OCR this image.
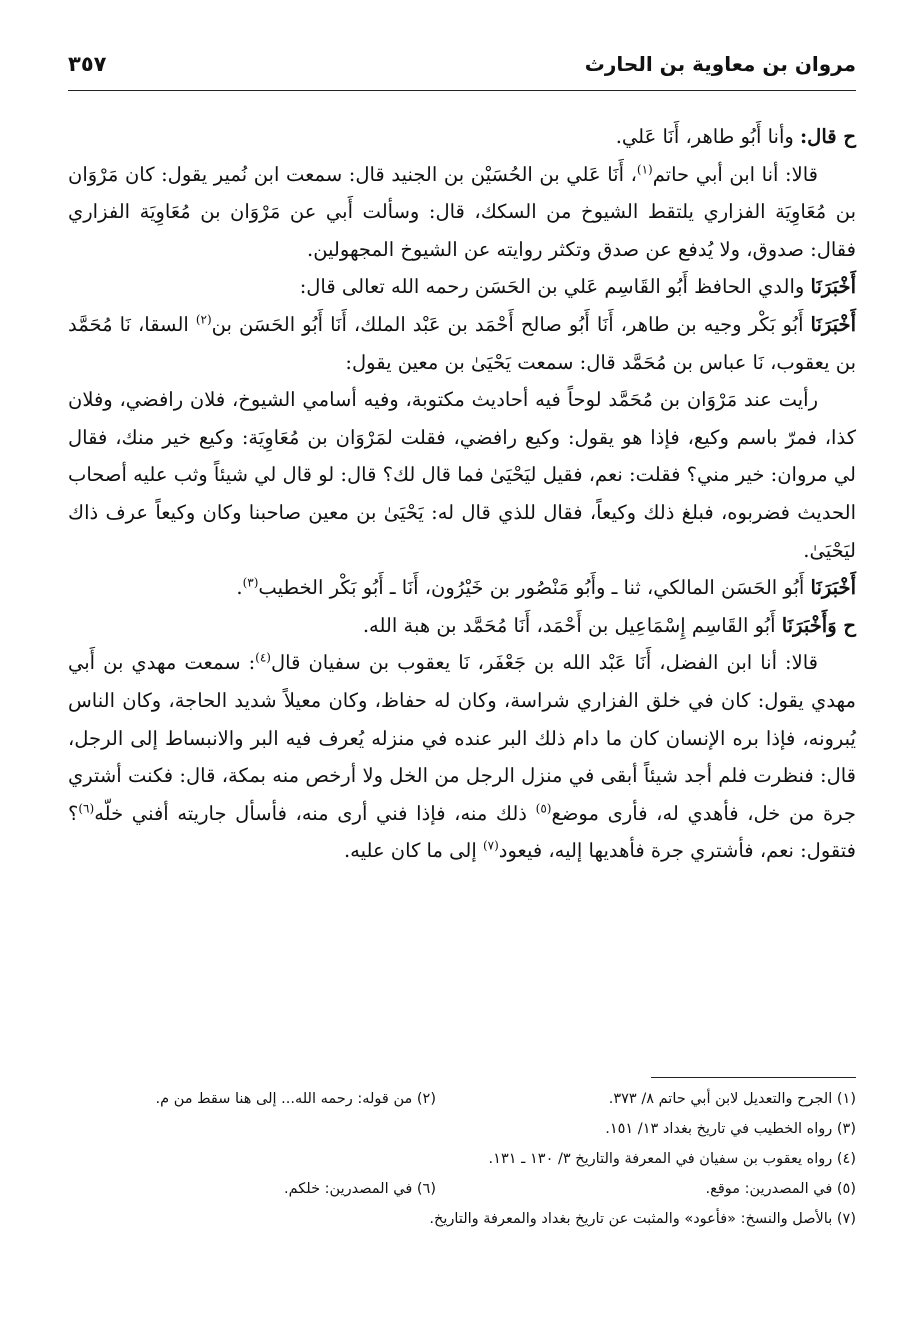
مروان بن معاوية بن الحارث
٣٥٧

ح قال: وأنا أَبُو طاهر، أَنَا عَلي.

قالا: أنا ابن أبي حاتم$^{(١)}$، أَنَا عَلي بن الحُسَيْن بن الجنيد قال: سمعت ابن نُمير يقول: كان مَرْوَان بن مُعَاوِيَة الفزاري يلتقط الشيوخ من السكك، قال: وسألت أَبي عن مَرْوَان بن مُعَاوِيَة الفزاري فقال: صدوق، ولا يُدفع عن صدق وتكثر روايته عن الشيوخ المجهولين.

أَخْبَرَنَا والدي الحافظ أَبُو القَاسِم عَلي بن الحَسَن رحمه الله تعالى قال:

أَخْبَرَنَا أَبُو بَكْر وجيه بن طاهر، أَنَا أَبُو صالح أَحْمَد بن عَبْد الملك، أَنَا أَبُو الحَسَن بن$^{(٢)}$ السقا، نَا مُحَمَّد بن يعقوب، نَا عباس بن مُحَمَّد قال: سمعت يَحْيَىٰ بن معين يقول:

رأيت عند مَرْوَان بن مُحَمَّد لوحاً فيه أحاديث مكتوبة، وفيه أسامي الشيوخ، فلان رافضي، وفلان كذا، فمرّ باسم وكيع، فإذا هو يقول: وكيع رافضي، فقلت لمَرْوَان بن مُعَاوِيَة: وكيع خير منك، فقال لي مروان: خير مني؟ فقلت: نعم، فقيل ليَحْيَىٰ فما قال لك؟ قال: لو قال لي شيئاً وثب عليه أصحاب الحديث فضربوه، فبلغ ذلك وكيعاً، فقال للذي قال له: يَحْيَىٰ بن معين صاحبنا وكان وكيعاً عرف ذاك ليَحْيَىٰ.

أَخْبَرَنَا أَبُو الحَسَن المالكي، ثنا ـ وأَبُو مَنْصُور بن خَيْرُون، أَنَا ـ أَبُو بَكْر الخطيب$^{(٣)}$.

ح وَأَخْبَرَنَا أَبُو القَاسِم إِسْمَاعِيل بن أَحْمَد، أَنَا مُحَمَّد بن هبة الله.

قالا: أنا ابن الفضل، أَنَا عَبْد الله بن جَعْفَر، نَا يعقوب بن سفيان قال$^{(٤)}$: سمعت مهدي بن أَبي مهدي يقول: كان في خلق الفزاري شراسة، وكان له حفاظ، وكان معيلاً شديد الحاجة، وكان الناس يُبرونه، فإذا بره الإنسان كان ما دام ذلك البر عنده في منزله يُعرف فيه البر والانبساط إلى الرجل، قال: فنظرت فلم أجد شيئاً أبقى في منزل الرجل من الخل ولا أرخص منه بمكة، قال: فكنت أشتري جرة من خل، فأهدي له، فأرى موضع$^{(٥)}$ ذلك منه، فإذا فني أرى منه، فأسأل جاريته أفني خلّه$^{(٦)}$؟ فتقول: نعم، فأشتري جرة فأهديها إليه، فيعود$^{(٧)}$ إلى ما كان عليه.

(١) الجرح والتعديل لابن أبي حاتم ٨/ ٣٧٣.
(٢) من قوله: رحمه الله... إلى هنا سقط من م.
(٣) رواه الخطيب في تاريخ بغداد ١٣/ ١٥١.
(٤) رواه يعقوب بن سفيان في المعرفة والتاريخ ٣/ ١٣٠ ـ ١٣١.
(٥) في المصدرين: موقع.
(٦) في المصدرين: خلكم.
(٧) بالأصل والنسخ: «فأعود» والمثبت عن تاريخ بغداد والمعرفة والتاريخ.
